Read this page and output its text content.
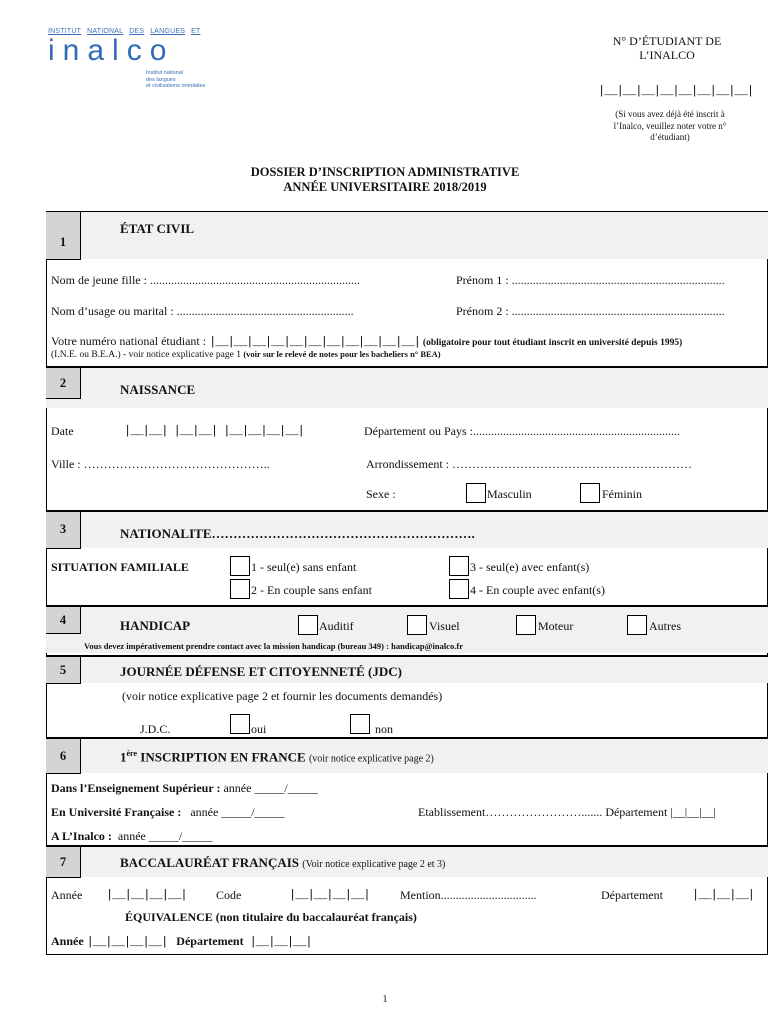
INSTITUT NATIONAL DES LANGUES ET
inalco
Institut national
des langues
et civilisations orientales
N° D’ÉTUDIANT DE
L’INALCO
|__|__|__|__|__|__|__|__|
(Si vous avez déjà été inscrit à
l’Inalco, veuillez noter votre n°
d’étudiant)
DOSSIER D’INSCRIPTION ADMINISTRATIVE
ANNÉE UNIVERSITAIRE 2018/2019
1
ÉTAT CIVIL
Nom de jeune fille : ......................................................................	Prénom 1 : .......................................................................
Nom d’usage ou marital : ...........................................................	Prénom 2 : .......................................................................
Votre numéro national étudiant : |__|__|__|__|__|__|__|__|__|__|__| (obligatoire pour tout étudiant inscrit en université depuis 1995)
(I.N.E. ou B.E.A.) - voir notice explicative page 1 (voir sur le relevé de notes pour les bacheliers n° BEA)
2	NAISSANCE
Date	|__|__| |__|__| |__|__|__|__|	Département ou Pays :.....................................................................
Ville : ………………………………………..	Arrondissement : ……………………………………………………
Sexe :	Masculin	Féminin
3	NATIONALITE…………………………………………………….
SITUATION FAMILIALE	1 - seul(e) sans enfant
2 - En couple sans enfant
3 - seul(e) avec enfant(s)
4 - En couple avec enfant(s)
4	HANDICAP	Auditif	Visuel	Moteur	Autres
Vous devez impérativement prendre contact avec la mission handicap (bureau 349) : handicap@inalco.fr
5	JOURNÉE DÉFENSE ET CITOYENNETÉ (JDC)
(voir notice explicative page 2 et fournir les documents demandés)
J.D.C.	oui	non
6	1ère INSCRIPTION EN FRANCE (voir notice explicative page 2)
Dans l’Enseignement Supérieur : année _____/_____
En Université Française : année _____/_____	Etablissement……………………....... Département |__|__|__|
A L’Inalco : année _____/_____
7	BACCALAURÉAT FRANÇAIS (Voir notice explicative page 2 et 3)
Année |__|__|__|__| Code	|__|__|__|__|	Mention................................	Département |__|__|__|
ÉQUIVALENCE (non titulaire du baccalauréat français)
Année |__|__|__|__| Département |__|__|__|
1
